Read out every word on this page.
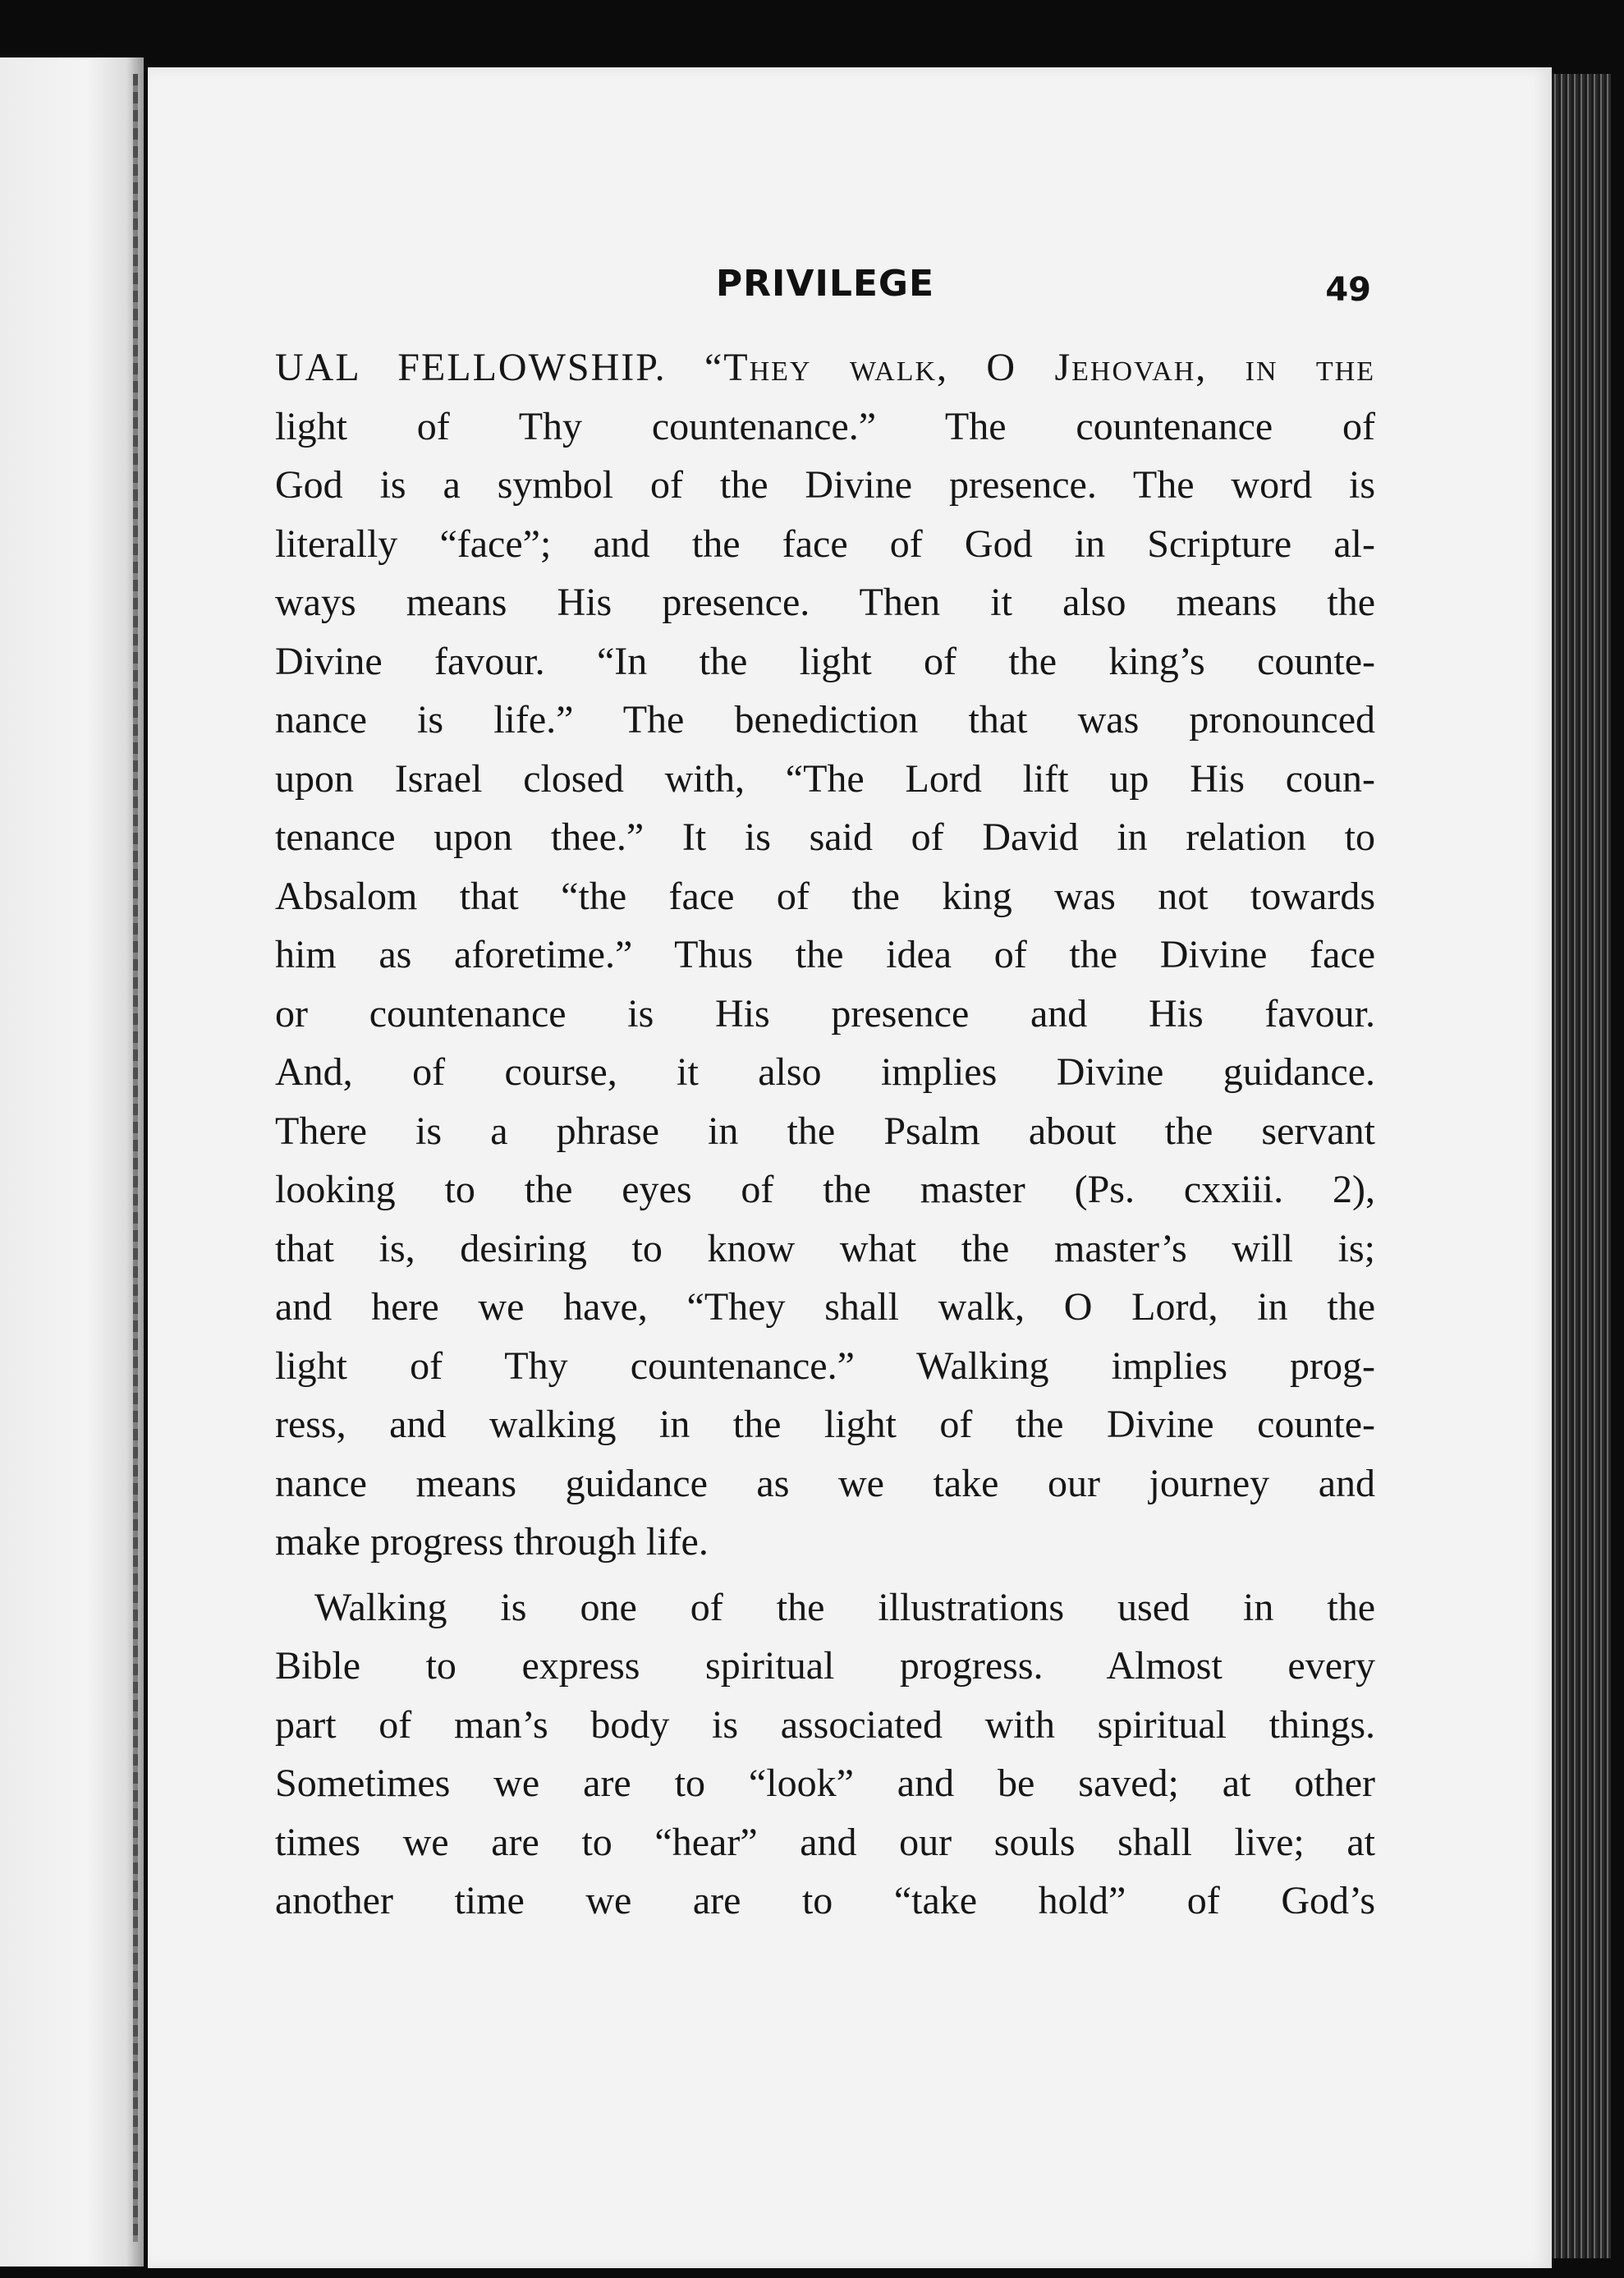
PRIVILEGE	49
UAL FELLOWSHIP. “They walk, O Jehovah, in the
light of Thy countenance.” The countenance of
God is a symbol of the Divine presence. The word is
literally “face”; and the face of God in Scripture al-
ways means His presence. Then it also means the
Divine favour. “In the light of the king’s counte-
nance is life.” The benediction that was pronounced
upon Israel closed with, “The Lord lift up His coun-
tenance upon thee.” It is said of David in relation to
Absalom that “the face of the king was not towards
him as aforetime.” Thus the idea of the Divine face
or countenance is His presence and His favour.
And, of course, it also implies Divine guidance.
There is a phrase in the Psalm about the servant
looking to the eyes of the master (Ps. cxxiii. 2),
that is, desiring to know what the master’s will is;
and here we have, “They shall walk, O Lord, in the
light of Thy countenance.” Walking implies prog-
ress, and walking in the light of the Divine counte-
nance means guidance as we take our journey and
make progress through life.
Walking is one of the illustrations used in the
Bible to express spiritual progress. Almost every
part of man’s body is associated with spiritual things.
Sometimes we are to “look” and be saved; at other
times we are to “hear” and our souls shall live; at
another time we are to “take hold” of God’s
